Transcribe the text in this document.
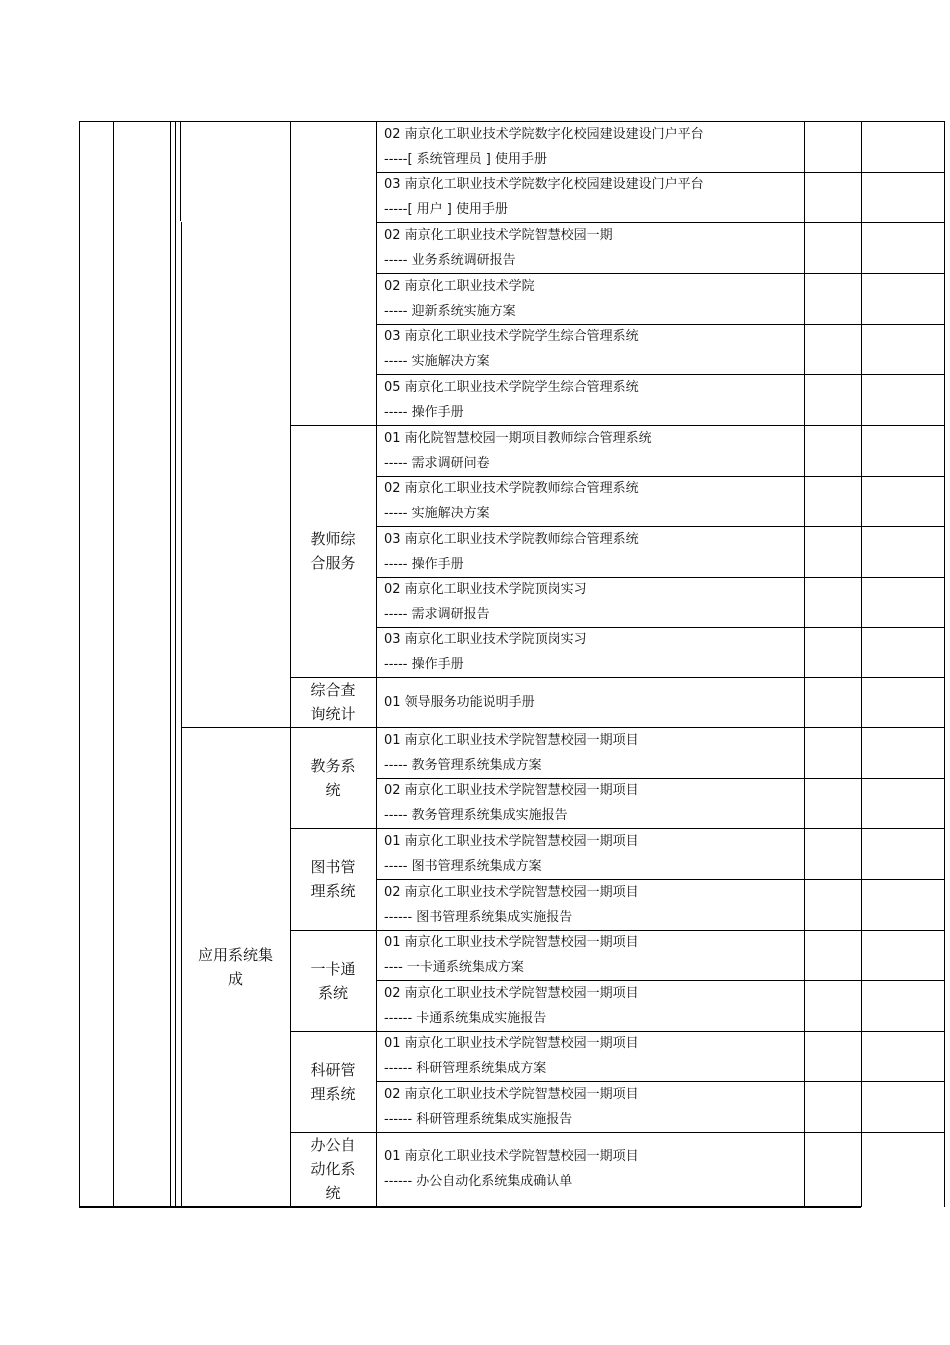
02 南京化工职业技术学院数字化校园建设建设门户平台
-----[ 系统管理员 ] 使用手册
03 南京化工职业技术学院数字化校园建设建设门户平台
-----[ 用户 ] 使用手册
02 南京化工职业技术学院智慧校园一期
----- 业务系统调研报告
02 南京化工职业技术学院
----- 迎新系统实施方案
03 南京化工职业技术学院学生综合管理系统
----- 实施解决方案
05 南京化工职业技术学院学生综合管理系统
----- 操作手册
01 南化院智慧校园一期项目教师综合管理系统
----- 需求调研问卷
02 南京化工职业技术学院教师综合管理系统
----- 实施解决方案
03 南京化工职业技术学院教师综合管理系统
----- 操作手册
02 南京化工职业技术学院顶岗实习
----- 需求调研报告
03 南京化工职业技术学院顶岗实习
----- 操作手册
01 领导服务功能说明手册
01 南京化工职业技术学院智慧校园一期项目
----- 教务管理系统集成方案
02 南京化工职业技术学院智慧校园一期项目
----- 教务管理系统集成实施报告
01 南京化工职业技术学院智慧校园一期项目
----- 图书管理系统集成方案
02 南京化工职业技术学院智慧校园一期项目
------ 图书管理系统集成实施报告
01 南京化工职业技术学院智慧校园一期项目
---- 一卡通系统集成方案
02 南京化工职业技术学院智慧校园一期项目
------ 卡通系统集成实施报告
01 南京化工职业技术学院智慧校园一期项目
------ 科研管理系统集成方案
02 南京化工职业技术学院智慧校园一期项目
------ 科研管理系统集成实施报告
01 南京化工职业技术学院智慧校园一期项目
------ 办公自动化系统集成确认单
教师综
合服务
综合查
询统计
教务系
统
图书管
理系统
一卡通
系统
科研管
理系统
办公自
动化系
统
应用系统集
成
